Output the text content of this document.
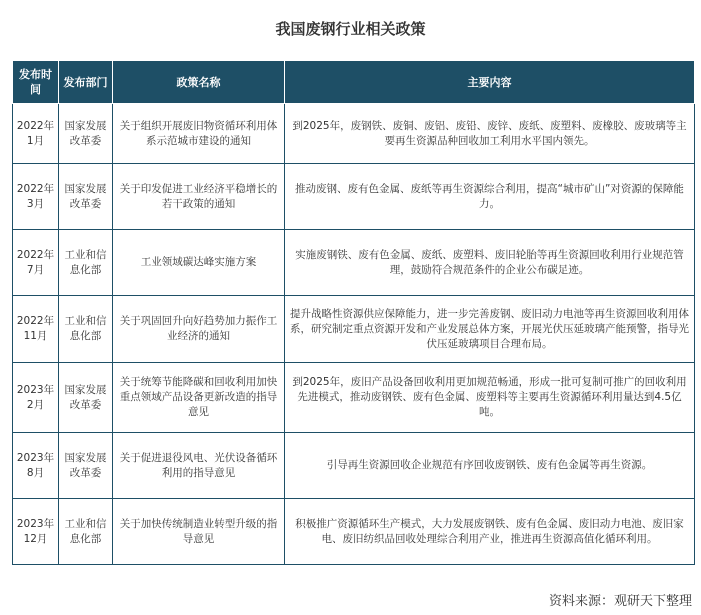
我国废钢行业相关政策
发布时间	发布部门	政策名称	主要内容
2022年1月	国家发展改革委	关于组织开展废旧物资循环利用体系示范城市建设的通知	到2025年，废钢铁、废铜、废铝、废铅、废锌、废纸、废塑料、废橡胶、废玻璃等主要再生资源品种回收加工利用水平国内领先。
2022年3月	国家发展改革委	关于印发促进工业经济平稳增长的 若干政策的通知	推动废钢、废有色金属、废纸等再生资源综合利用，提高“城市矿山”对资源的保障能力。
2022年7月	工业和信息化部	工业领域碳达峰实施方案	实施废钢铁、废有色金属、废纸、废塑料、废旧轮胎等再生资源回收利用行业规范管理，鼓励符合规范条件的企业公布碳足迹。
2022年11月	工业和信息化部	关于巩固回升向好趋势加力振作工业经济的通知	提升战略性资源供应保障能力，进一步完善废钢、废旧动力电池等再生资源回收利用体系，研究制定重点资源开发和产业发展总体方案，开展光伏压延玻璃产能预警，指导光伏压延玻璃项目合理布局。
2023年2月	国家发展改革委	关于统筹节能降碳和回收利用加快重点领域产品设备更新改造的指导意见	到2025年，废旧产品设备回收利用更加规范畅通，形成一批可复制可推广的回收利用先进模式，推动废钢铁、废有色金属、废塑料等主要再生资源循环利用量达到4.5亿吨。
2023年8月	国家发展改革委	关于促进退役风电、光伏设备循环利用的指导意见	引导再生资源回收企业规范有序回收废钢铁、废有色金属等再生资源。
2023年12月	工业和信息化部	关于加快传统制造业转型升级的指导意见	积极推广资源循环生产模式，大力发展废钢铁、废有色金属、废旧动力电池、废旧家电、废旧纺织品回收处理综合利用产业，推进再生资源高值化循环利用。
资料来源：观研天下整理
